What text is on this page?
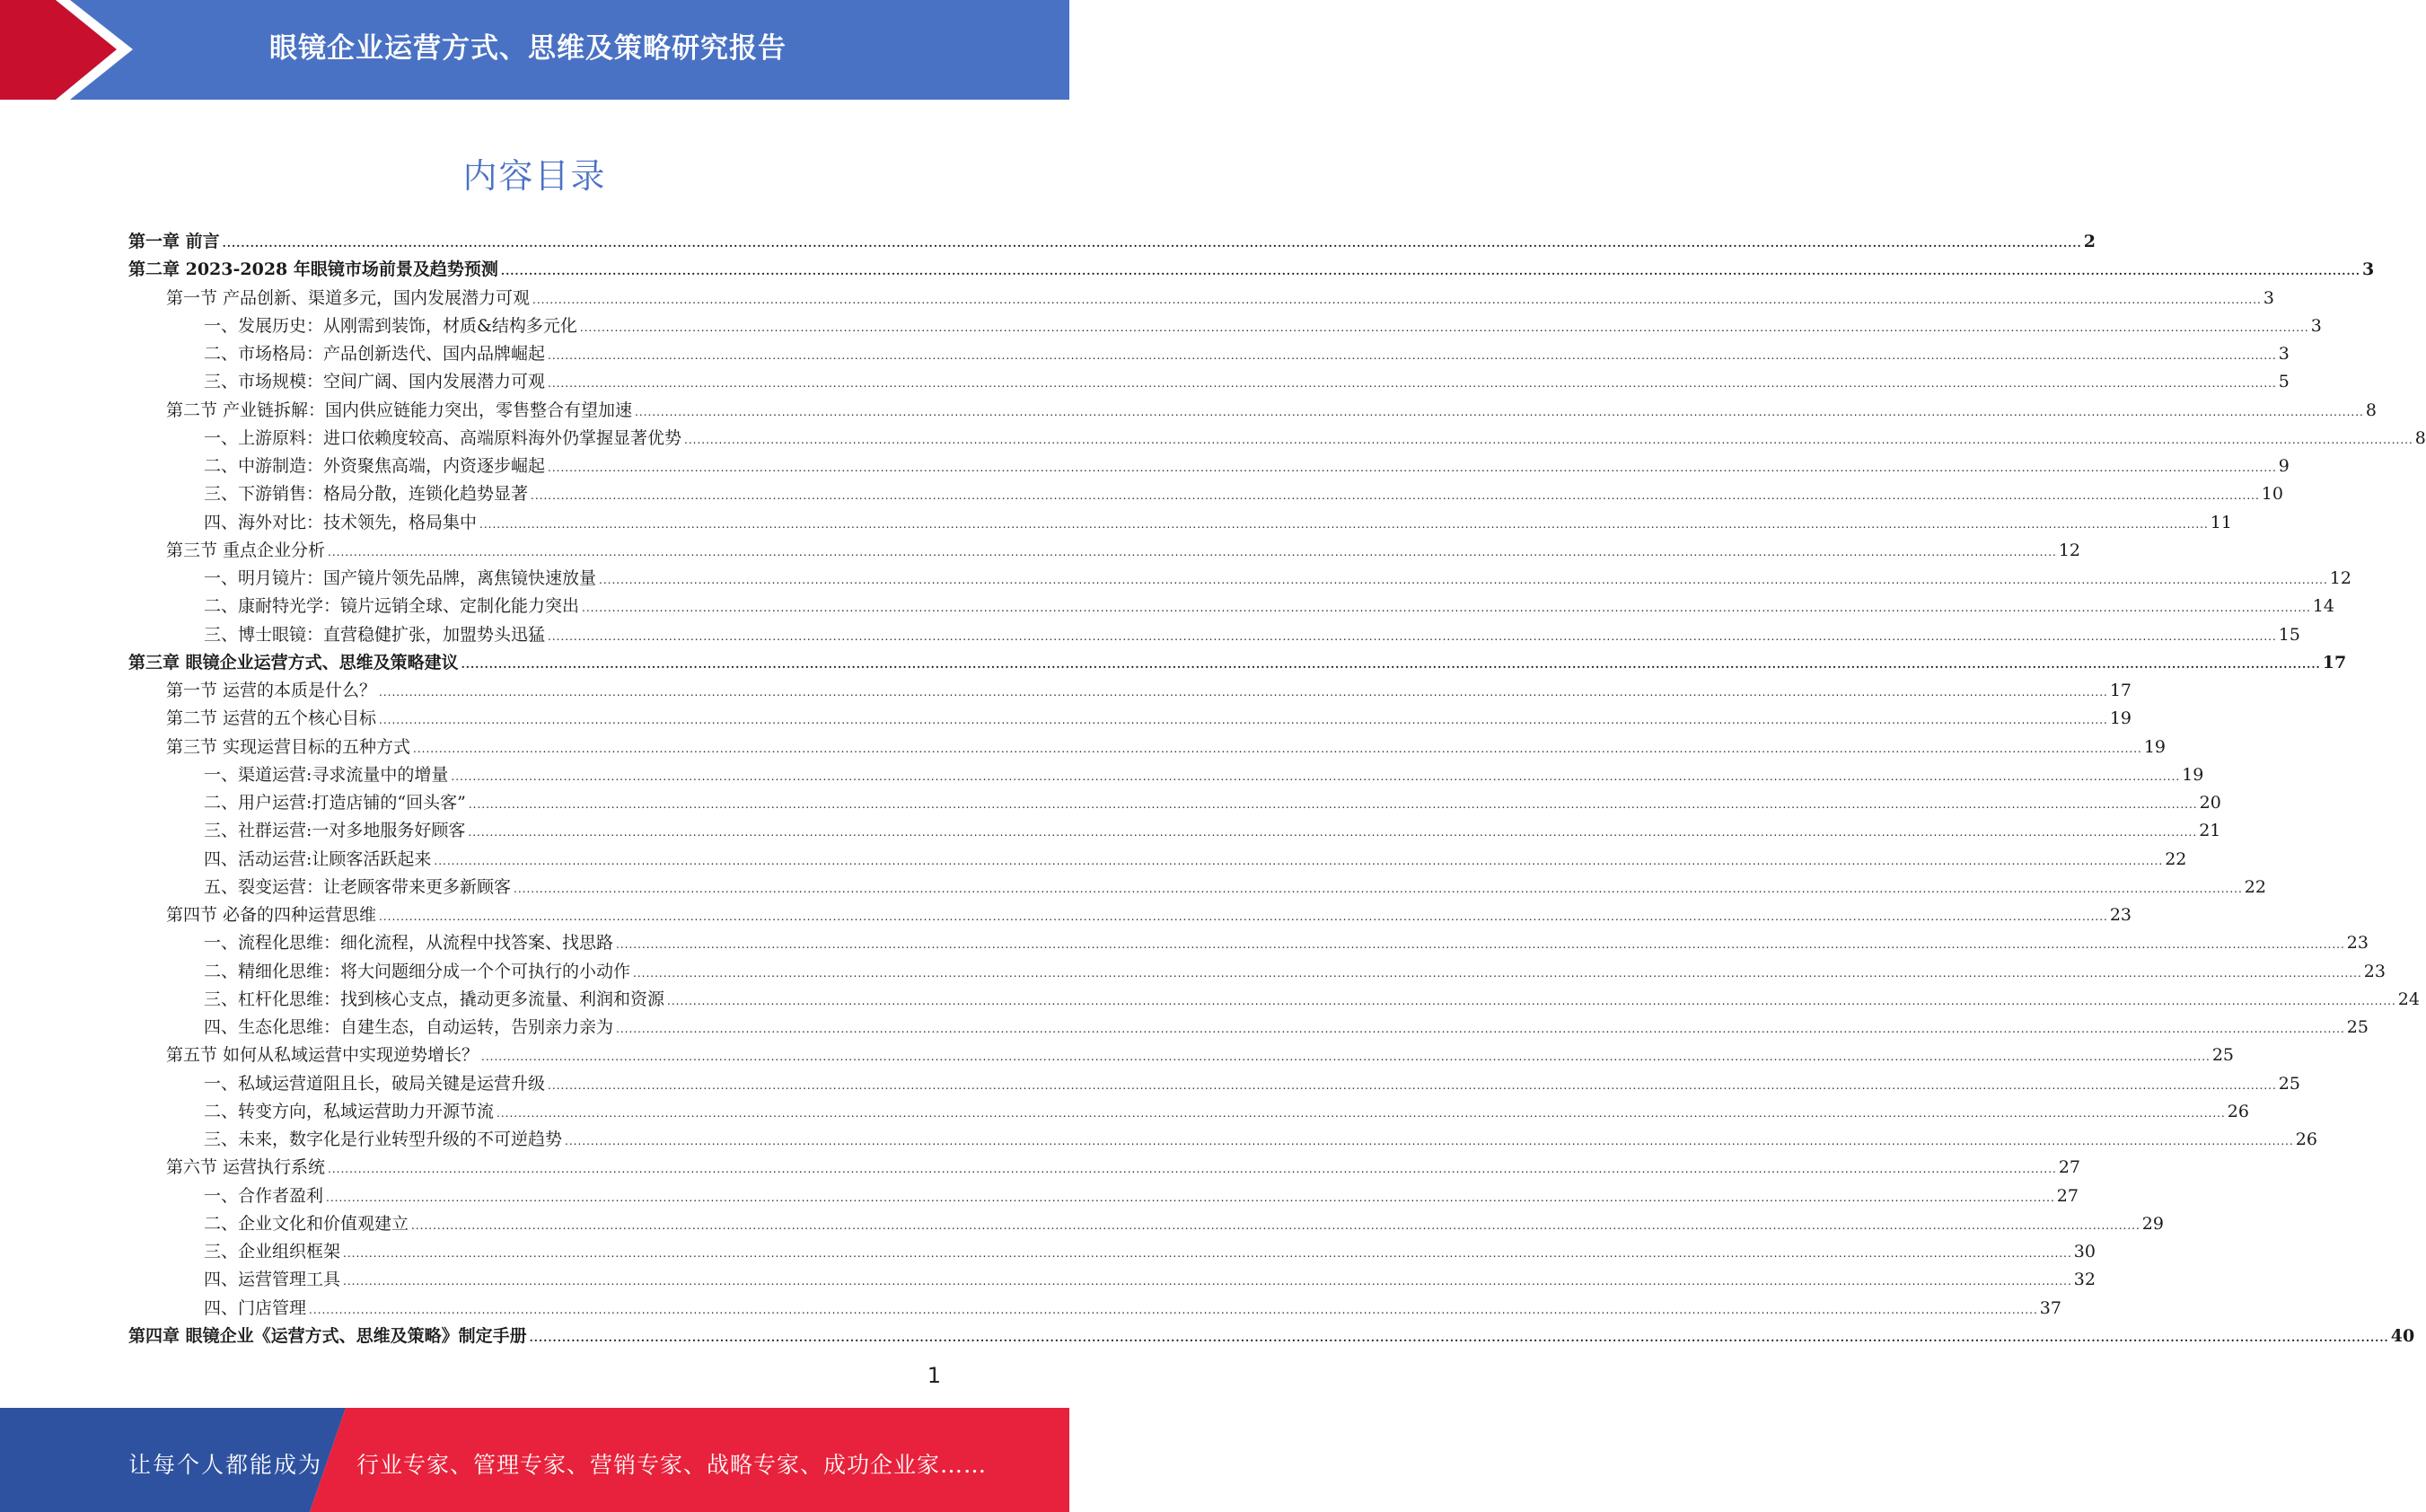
眼镜企业运营方式、思维及策略研究报告
内容目录
第一章 前言 ................................................................................................................................................................................................................................................................................................................................................................................................................ 2
第二章 2023-2028 年眼镜市场前景及趋势预测 ................................................................................................................................................................................................................................................................................................................................................................................................................ 3
第一节 产品创新、渠道多元，国内发展潜力可观 ................................................................................................................................................................................................................................................................................................................................................................................................................ 3
一、发展历史：从刚需到装饰，材质&结构多元化 ................................................................................................................................................................................................................................................................................................................................................................................................................ 3
二、市场格局：产品创新迭代、国内品牌崛起 ................................................................................................................................................................................................................................................................................................................................................................................................................ 3
三、市场规模：空间广阔、国内发展潜力可观 ................................................................................................................................................................................................................................................................................................................................................................................................................ 5
第二节 产业链拆解：国内供应链能力突出，零售整合有望加速 ................................................................................................................................................................................................................................................................................................................................................................................................................ 8
一、上游原料：进口依赖度较高、高端原料海外仍掌握显著优势 ................................................................................................................................................................................................................................................................................................................................................................................................................ 8
二、中游制造：外资聚焦高端，内资逐步崛起 ................................................................................................................................................................................................................................................................................................................................................................................................................ 9
三、下游销售：格局分散，连锁化趋势显著 ................................................................................................................................................................................................................................................................................................................................................................................................................ 10
四、海外对比：技术领先，格局集中 ................................................................................................................................................................................................................................................................................................................................................................................................................ 11
第三节 重点企业分析 ................................................................................................................................................................................................................................................................................................................................................................................................................ 12
一、明月镜片：国产镜片领先品牌，离焦镜快速放量 ................................................................................................................................................................................................................................................................................................................................................................................................................ 12
二、康耐特光学：镜片远销全球、定制化能力突出 ................................................................................................................................................................................................................................................................................................................................................................................................................ 14
三、博士眼镜：直营稳健扩张，加盟势头迅猛 ................................................................................................................................................................................................................................................................................................................................................................................................................ 15
第三章 眼镜企业运营方式、思维及策略建议 ................................................................................................................................................................................................................................................................................................................................................................................................................ 17
第一节 运营的本质是什么？ ................................................................................................................................................................................................................................................................................................................................................................................................................ 17
第二节 运营的五个核心目标 ................................................................................................................................................................................................................................................................................................................................................................................................................ 19
第三节 实现运营目标的五种方式 ................................................................................................................................................................................................................................................................................................................................................................................................................ 19
一、渠道运营:寻求流量中的增量 ................................................................................................................................................................................................................................................................................................................................................................................................................ 19
二、用户运营:打造店铺的“回头客” ................................................................................................................................................................................................................................................................................................................................................................................................................ 20
三、社群运营:一对多地服务好顾客 ................................................................................................................................................................................................................................................................................................................................................................................................................ 21
四、活动运营:让顾客活跃起来 ................................................................................................................................................................................................................................................................................................................................................................................................................ 22
五、裂变运营：让老顾客带来更多新顾客 ................................................................................................................................................................................................................................................................................................................................................................................................................ 22
第四节 必备的四种运营思维 ................................................................................................................................................................................................................................................................................................................................................................................................................ 23
一、流程化思维：细化流程，从流程中找答案、找思路 ................................................................................................................................................................................................................................................................................................................................................................................................................ 23
二、精细化思维：将大问题细分成一个个可执行的小动作 ................................................................................................................................................................................................................................................................................................................................................................................................................ 23
三、杠杆化思维：找到核心支点，撬动更多流量、利润和资源 ................................................................................................................................................................................................................................................................................................................................................................................................................ 24
四、生态化思维：自建生态，自动运转，告别亲力亲为 ................................................................................................................................................................................................................................................................................................................................................................................................................ 25
第五节 如何从私域运营中实现逆势增长？ ................................................................................................................................................................................................................................................................................................................................................................................................................ 25
一、私域运营道阻且长，破局关键是运营升级 ................................................................................................................................................................................................................................................................................................................................................................................................................ 25
二、转变方向，私域运营助力开源节流 ................................................................................................................................................................................................................................................................................................................................................................................................................ 26
三、未来，数字化是行业转型升级的不可逆趋势 ................................................................................................................................................................................................................................................................................................................................................................................................................ 26
第六节 运营执行系统 ................................................................................................................................................................................................................................................................................................................................................................................................................ 27
一、合作者盈利 ................................................................................................................................................................................................................................................................................................................................................................................................................ 27
二、企业文化和价值观建立 ................................................................................................................................................................................................................................................................................................................................................................................................................ 29
三、企业组织框架 ................................................................................................................................................................................................................................................................................................................................................................................................................ 30
四、运营管理工具 ................................................................................................................................................................................................................................................................................................................................................................................................................ 32
四、门店管理 ................................................................................................................................................................................................................................................................................................................................................................................................................ 37
第四章 眼镜企业《运营方式、思维及策略》制定手册 ................................................................................................................................................................................................................................................................................................................................................................................................................ 40
1
让每个人都能成为 行业专家、管理专家、营销专家、战略专家、成功企业家……
